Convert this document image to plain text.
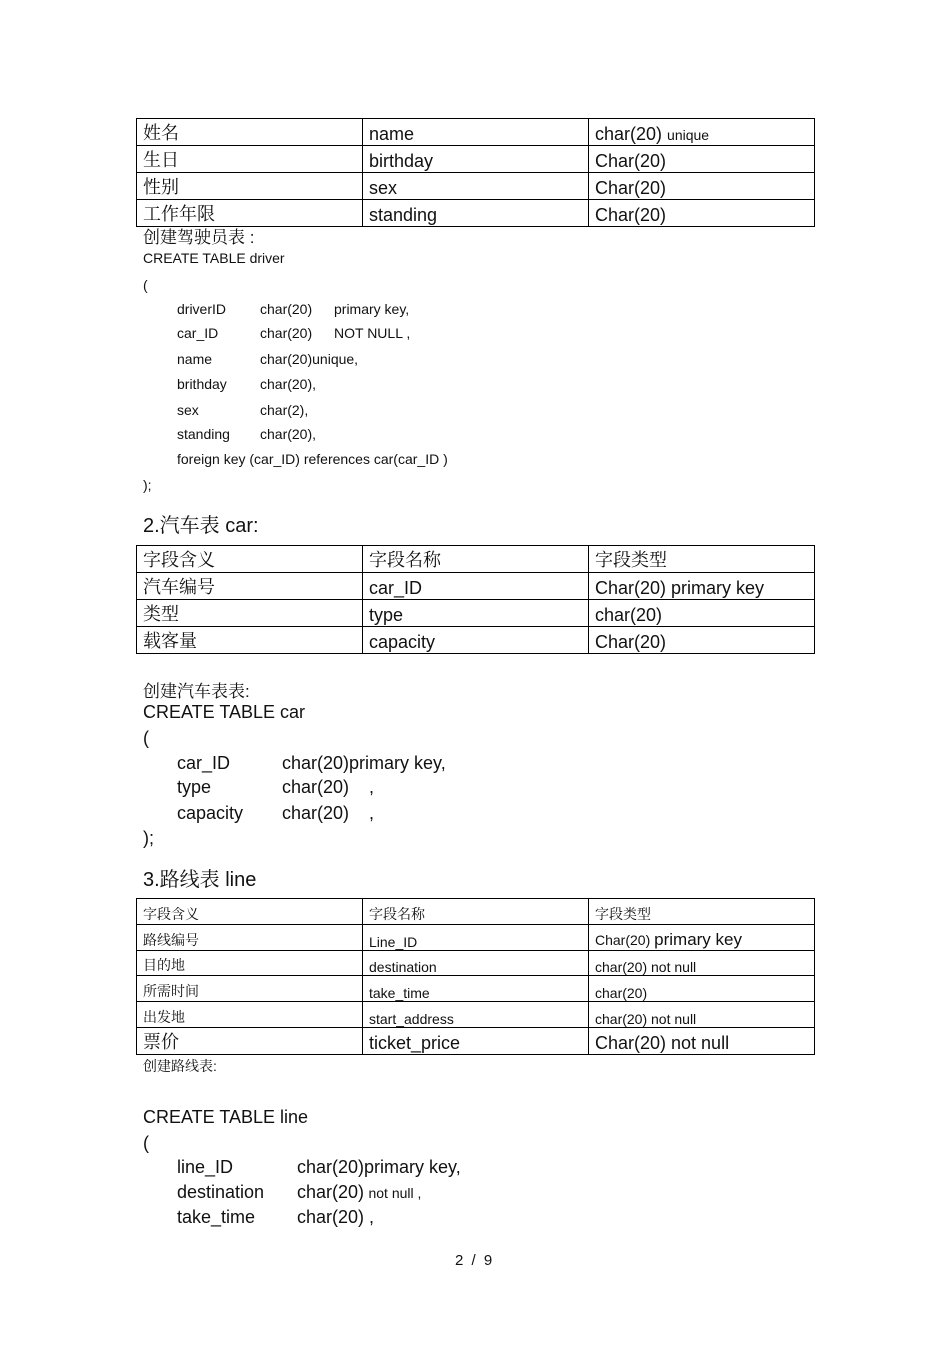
姓名	name	char(20) unique
生日	birthday	Char(20)
性别	sex	Char(20)
工作年限	standing	Char(20)
创建驾驶员表 :
CREATE TABLE driver
(
driverID char(20) primary key,
car_ID	char(20) NOT NULL ,
name	char(20)unique,
brithday char(20),
sex	char(2),
standing char(20),
foreign key (car_ID) references car(car_ID )
);
2.汽车表 car:
字段含义	字段名称	字段类型
汽车编号	car_ID	Char(20) primary key
类型	type	char(20)
载客量	capacity	Char(20)
创建汽车表表:
CREATE TABLE car
(
car_ID	char(20)primary key,
type	char(20)    ,
capacity char(20)    ,
);
3.路线表 line
字段含义	字段名称	字段类型
路线编号	Line_ID	Char(20) primary key
目的地	destination	char(20) not null
所需时间	take_time	char(20)
出发地	start_address	char(20) not null
票价	ticket_price	Char(20) not null
创建路线表:
CREATE TABLE line
(
line_ID	char(20)primary key,
destination char(20) not null ,
take_time char(20) ,
2 / 9
